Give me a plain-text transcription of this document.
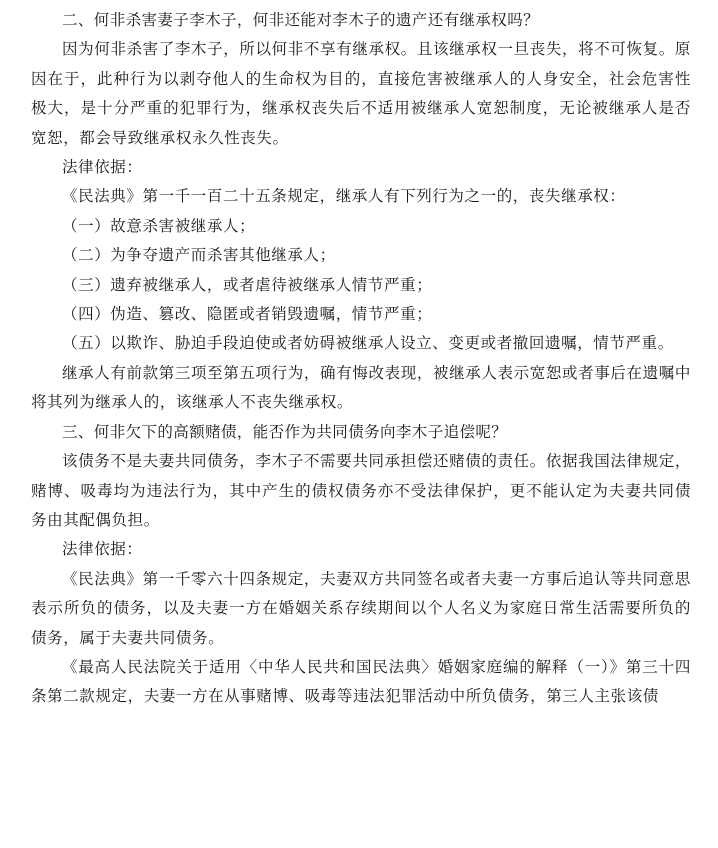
二、何非杀害妻子李木子，何非还能对李木子的遗产还有继承权吗？

因为何非杀害了李木子，所以何非不享有继承权。且该继承权一旦丧失，将不可恢复。原因在于，此种行为以剥夺他人的生命权为目的，直接危害被继承人的人身安全，社会危害性极大，是十分严重的犯罪行为，继承权丧失后不适用被继承人宽恕制度，无论被继承人是否宽恕，都会导致继承权永久性丧失。

法律依据：

《民法典》第一千一百二十五条规定，继承人有下列行为之一的，丧失继承权：

（一）故意杀害被继承人；

（二）为争夺遗产而杀害其他继承人；

（三）遗弃被继承人，或者虐待被继承人情节严重；

（四）伪造、篡改、隐匿或者销毁遗嘱，情节严重；

（五）以欺诈、胁迫手段迫使或者妨碍被继承人设立、变更或者撤回遗嘱，情节严重。

继承人有前款第三项至第五项行为，确有悔改表现，被继承人表示宽恕或者事后在遗嘱中将其列为继承人的，该继承人不丧失继承权。

三、何非欠下的高额赌债，能否作为共同债务向李木子追偿呢？

该债务不是夫妻共同债务，李木子不需要共同承担偿还赌债的责任。依据我国法律规定，赌博、吸毒均为违法行为，其中产生的债权债务亦不受法律保护，更不能认定为夫妻共同债务由其配偶负担。

法律依据：

《民法典》第一千零六十四条规定，夫妻双方共同签名或者夫妻一方事后追认等共同意思表示所负的债务，以及夫妻一方在婚姻关系存续期间以个人名义为家庭日常生活需要所负的债务，属于夫妻共同债务。

《最高人民法院关于适用〈中华人民共和国民法典〉婚姻家庭编的解释（一）》第三十四条第二款规定，夫妻一方在从事赌博、吸毒等违法犯罪活动中所负债务，第三人主张该债
